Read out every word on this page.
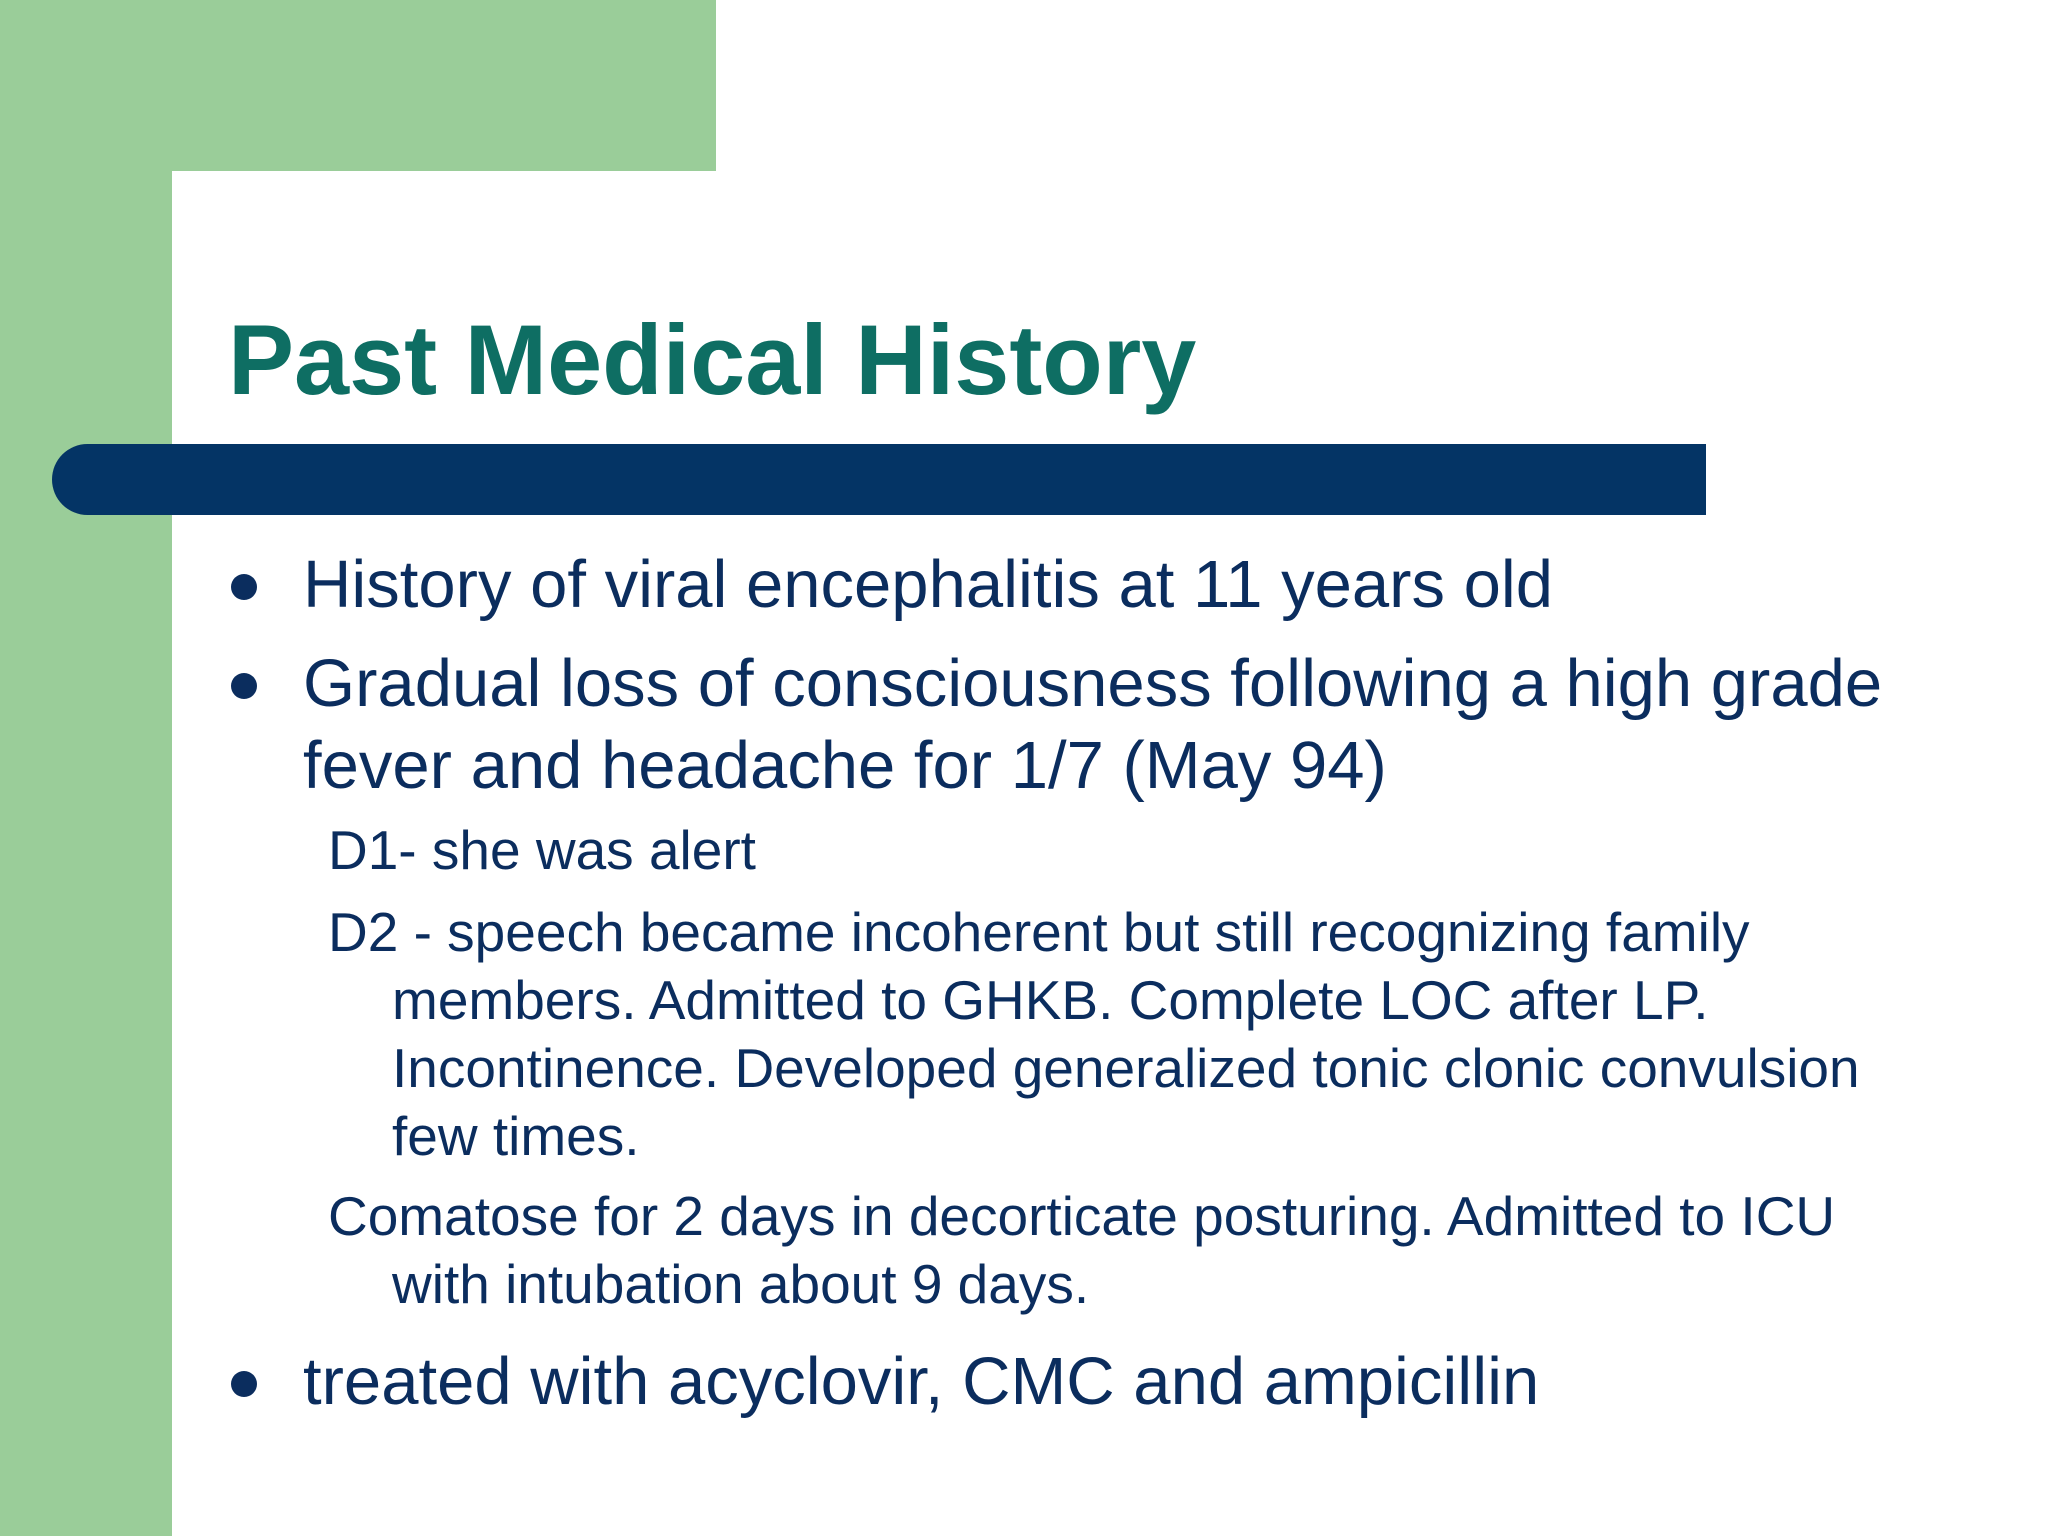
Past Medical History

History of viral encephalitis at 11 years old

Gradual loss of consciousness following a high grade fever and headache for 1/7 (May 94)

D1- she was alert

D2 - speech became incoherent but still recognizing family members. Admitted to GHKB. Complete LOC after LP. Incontinence. Developed generalized tonic clonic convulsion few times.

Comatose for 2 days in decorticate posturing. Admitted to ICU with intubation about 9 days.

treated with acyclovir, CMC and ampicillin
